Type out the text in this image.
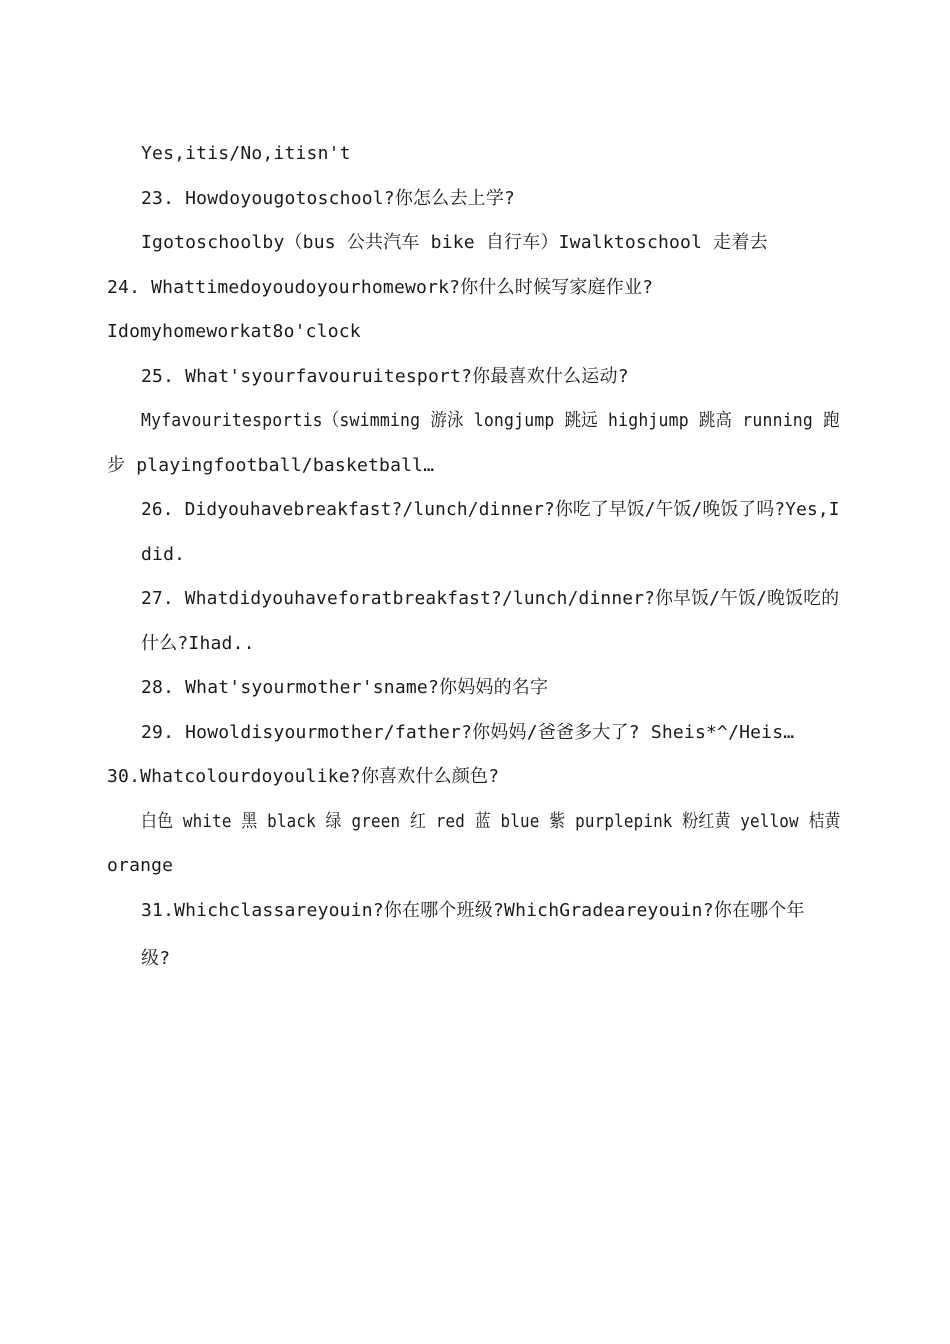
Yes,itis/No,itisn't
23. Howdoyougotoschool?你怎么去上学?
Igotoschoolby（bus 公共汽车 bike 自行车）Iwalktoschool 走着去
24. Whattimedoyoudoyourhomework?你什么时候写家庭作业?
Idomyhomeworkat8o'clock
25. What'syourfavouruitesport?你最喜欢什么运动?
Myfavouritesportis（swimming 游泳 longjump 跳远 highjump 跳高 running 跑
步 playingfootball/basketball…
26. Didyouhavebreakfast?/lunch/dinner?你吃了早饭/午饭/晚饭了吗?Yes,I
did.
27. Whatdidyouhaveforatbreakfast?/lunch/dinner?你早饭/午饭/晚饭吃的
什么?Ihad..
28. What'syourmother'sname?你妈妈的名字
29. Howoldisyourmother/father?你妈妈/爸爸多大了? Sheis*^/Heis…
30.Whatcolourdoyoulike?你喜欢什么颜色?
白色 white 黑 black 绿 green 红 red 蓝 blue 紫 purplepink 粉红黄 yellow 桔黄
orange
31.Whichclassareyouin?你在哪个班级?WhichGradeareyouin?你在哪个年
级?
